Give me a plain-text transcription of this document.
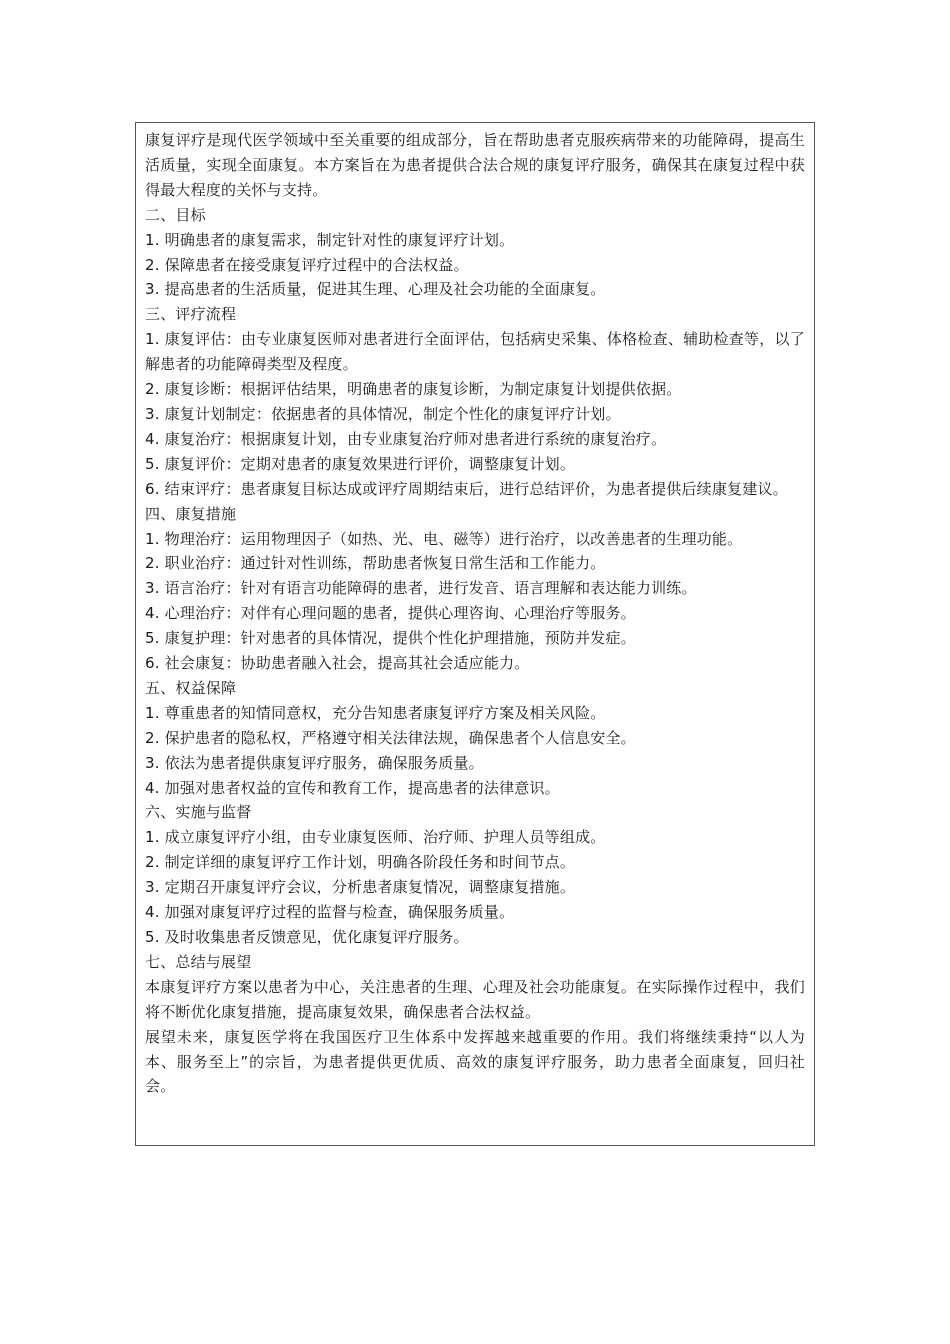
康复评疗是现代医学领域中至关重要的组成部分，旨在帮助患者克服疾病带来的功能障碍，提高生活质量，实现全面康复。本方案旨在为患者提供合法合规的康复评疗服务，确保其在康复过程中获得最大程度的关怀与支持。

二、目标

1. 明确患者的康复需求，制定针对性的康复评疗计划。

2. 保障患者在接受康复评疗过程中的合法权益。

3. 提高患者的生活质量，促进其生理、心理及社会功能的全面康复。

三、评疗流程

1. 康复评估：由专业康复医师对患者进行全面评估，包括病史采集、体格检查、辅助检查等，以了解患者的功能障碍类型及程度。

2. 康复诊断：根据评估结果，明确患者的康复诊断，为制定康复计划提供依据。

3. 康复计划制定：依据患者的具体情况，制定个性化的康复评疗计划。

4. 康复治疗：根据康复计划，由专业康复治疗师对患者进行系统的康复治疗。

5. 康复评价：定期对患者的康复效果进行评价，调整康复计划。

6. 结束评疗：患者康复目标达成或评疗周期结束后，进行总结评价，为患者提供后续康复建议。

四、康复措施

1. 物理治疗：运用物理因子（如热、光、电、磁等）进行治疗，以改善患者的生理功能。

2. 职业治疗：通过针对性训练，帮助患者恢复日常生活和工作能力。

3. 语言治疗：针对有语言功能障碍的患者，进行发音、语言理解和表达能力训练。

4. 心理治疗：对伴有心理问题的患者，提供心理咨询、心理治疗等服务。

5. 康复护理：针对患者的具体情况，提供个性化护理措施，预防并发症。

6. 社会康复：协助患者融入社会，提高其社会适应能力。

五、权益保障

1. 尊重患者的知情同意权，充分告知患者康复评疗方案及相关风险。

2. 保护患者的隐私权，严格遵守相关法律法规，确保患者个人信息安全。

3. 依法为患者提供康复评疗服务，确保服务质量。

4. 加强对患者权益的宣传和教育工作，提高患者的法律意识。

六、实施与监督

1. 成立康复评疗小组，由专业康复医师、治疗师、护理人员等组成。

2. 制定详细的康复评疗工作计划，明确各阶段任务和时间节点。

3. 定期召开康复评疗会议，分析患者康复情况，调整康复措施。

4. 加强对康复评疗过程的监督与检查，确保服务质量。

5. 及时收集患者反馈意见，优化康复评疗服务。

七、总结与展望

本康复评疗方案以患者为中心，关注患者的生理、心理及社会功能康复。在实际操作过程中，我们将不断优化康复措施，提高康复效果，确保患者合法权益。

展望未来，康复医学将在我国医疗卫生体系中发挥越来越重要的作用。我们将继续秉持“以人为本、服务至上”的宗旨，为患者提供更优质、高效的康复评疗服务，助力患者全面康复，回归社会。
